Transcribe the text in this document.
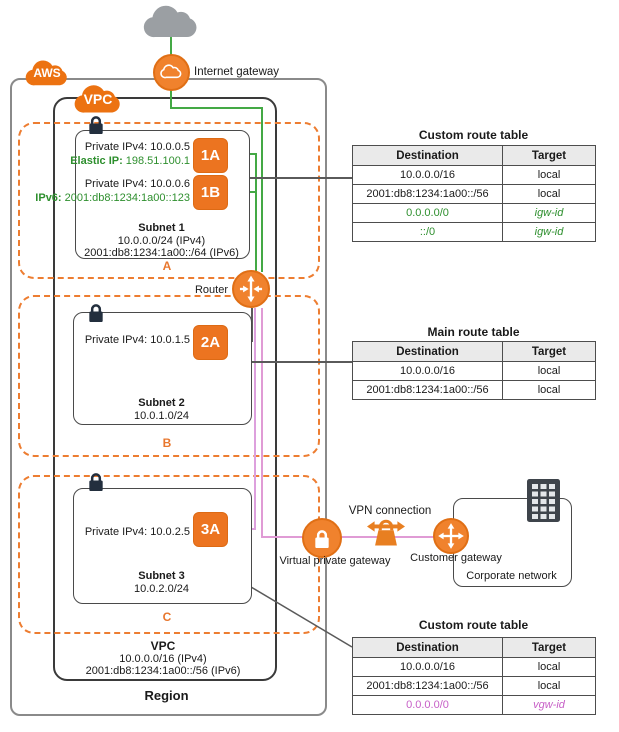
Private IPv4: 10.0.0.5
Elastic IP: 198.51.100.1
Private IPv4: 10.0.0.6
IPv6: 2001:db8:1234:1a00::123
1A
1B
Subnet 1
10.0.0.0/24 (IPv4)
2001:db8:1234:1a00::/64 (IPv6)
A
Private IPv4: 10.0.1.5 2A
Subnet 2
10.0.1.0/24
B
Private IPv4: 10.0.2.5 3A
Subnet 3
10.0.2.0/24
C
Internet gateway
AWS
VPC
Router
Custom route table
Destination	Target
10.0.0.0/16	local
2001:db8:1234:1a00::/56	local
0.0.0.0/0	igw-id
::/0	igw-id
Main route table
Destination	Target
10.0.0.0/16	local
2001:db8:1234:1a00::/56	local
Custom route table
Destination	Target
10.0.0.0/16	local
2001:db8:1234:1a00::/56	local
0.0.0.0/0	vgw-id
Corporate network
Virtual private gateway
VPN connection
Customer gateway
VPC
10.0.0.0/16 (IPv4)
2001:db8:1234:1a00::/56 (IPv6)
Region
